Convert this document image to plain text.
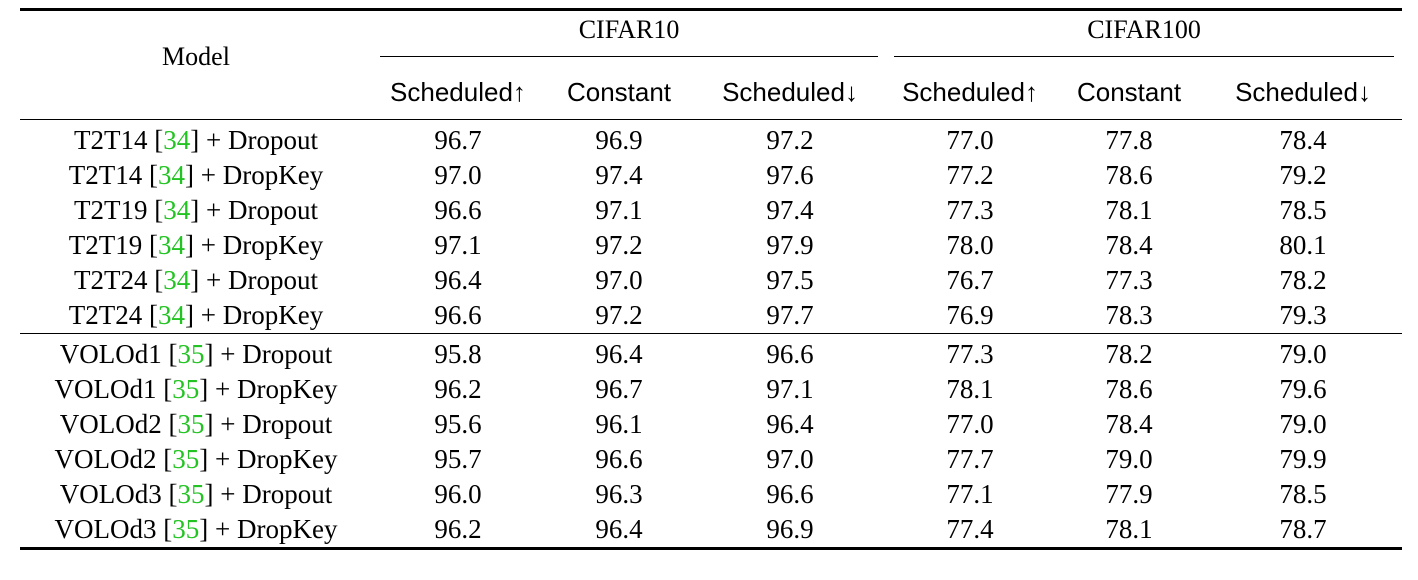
Model	CIFAR10			CIFAR100		

	Scheduled↑	Constant	Scheduled↓	Scheduled↑	Constant	Scheduled↓
T2T14 [34] + Dropout	96.7	96.9	97.2	77.0	77.8	78.4
T2T14 [34] + DropKey	97.0	97.4	97.6	77.2	78.6	79.2
T2T19 [34] + Dropout	96.6	97.1	97.4	77.3	78.1	78.5
T2T19 [34] + DropKey	97.1	97.2	97.9	78.0	78.4	80.1
T2T24 [34] + Dropout	96.4	97.0	97.5	76.7	77.3	78.2
T2T24 [34] + DropKey	96.6	97.2	97.7	76.9	78.3	79.3
VOLOd1 [35] + Dropout	95.8	96.4	96.6	77.3	78.2	79.0
VOLOd1 [35] + DropKey	96.2	96.7	97.1	78.1	78.6	79.6
VOLOd2 [35] + Dropout	95.6	96.1	96.4	77.0	78.4	79.0
VOLOd2 [35] + DropKey	95.7	96.6	97.0	77.7	79.0	79.9
VOLOd3 [35] + Dropout	96.0	96.3	96.6	77.1	77.9	78.5
VOLOd3 [35] + DropKey	96.2	96.4	96.9	77.4	78.1	78.7
